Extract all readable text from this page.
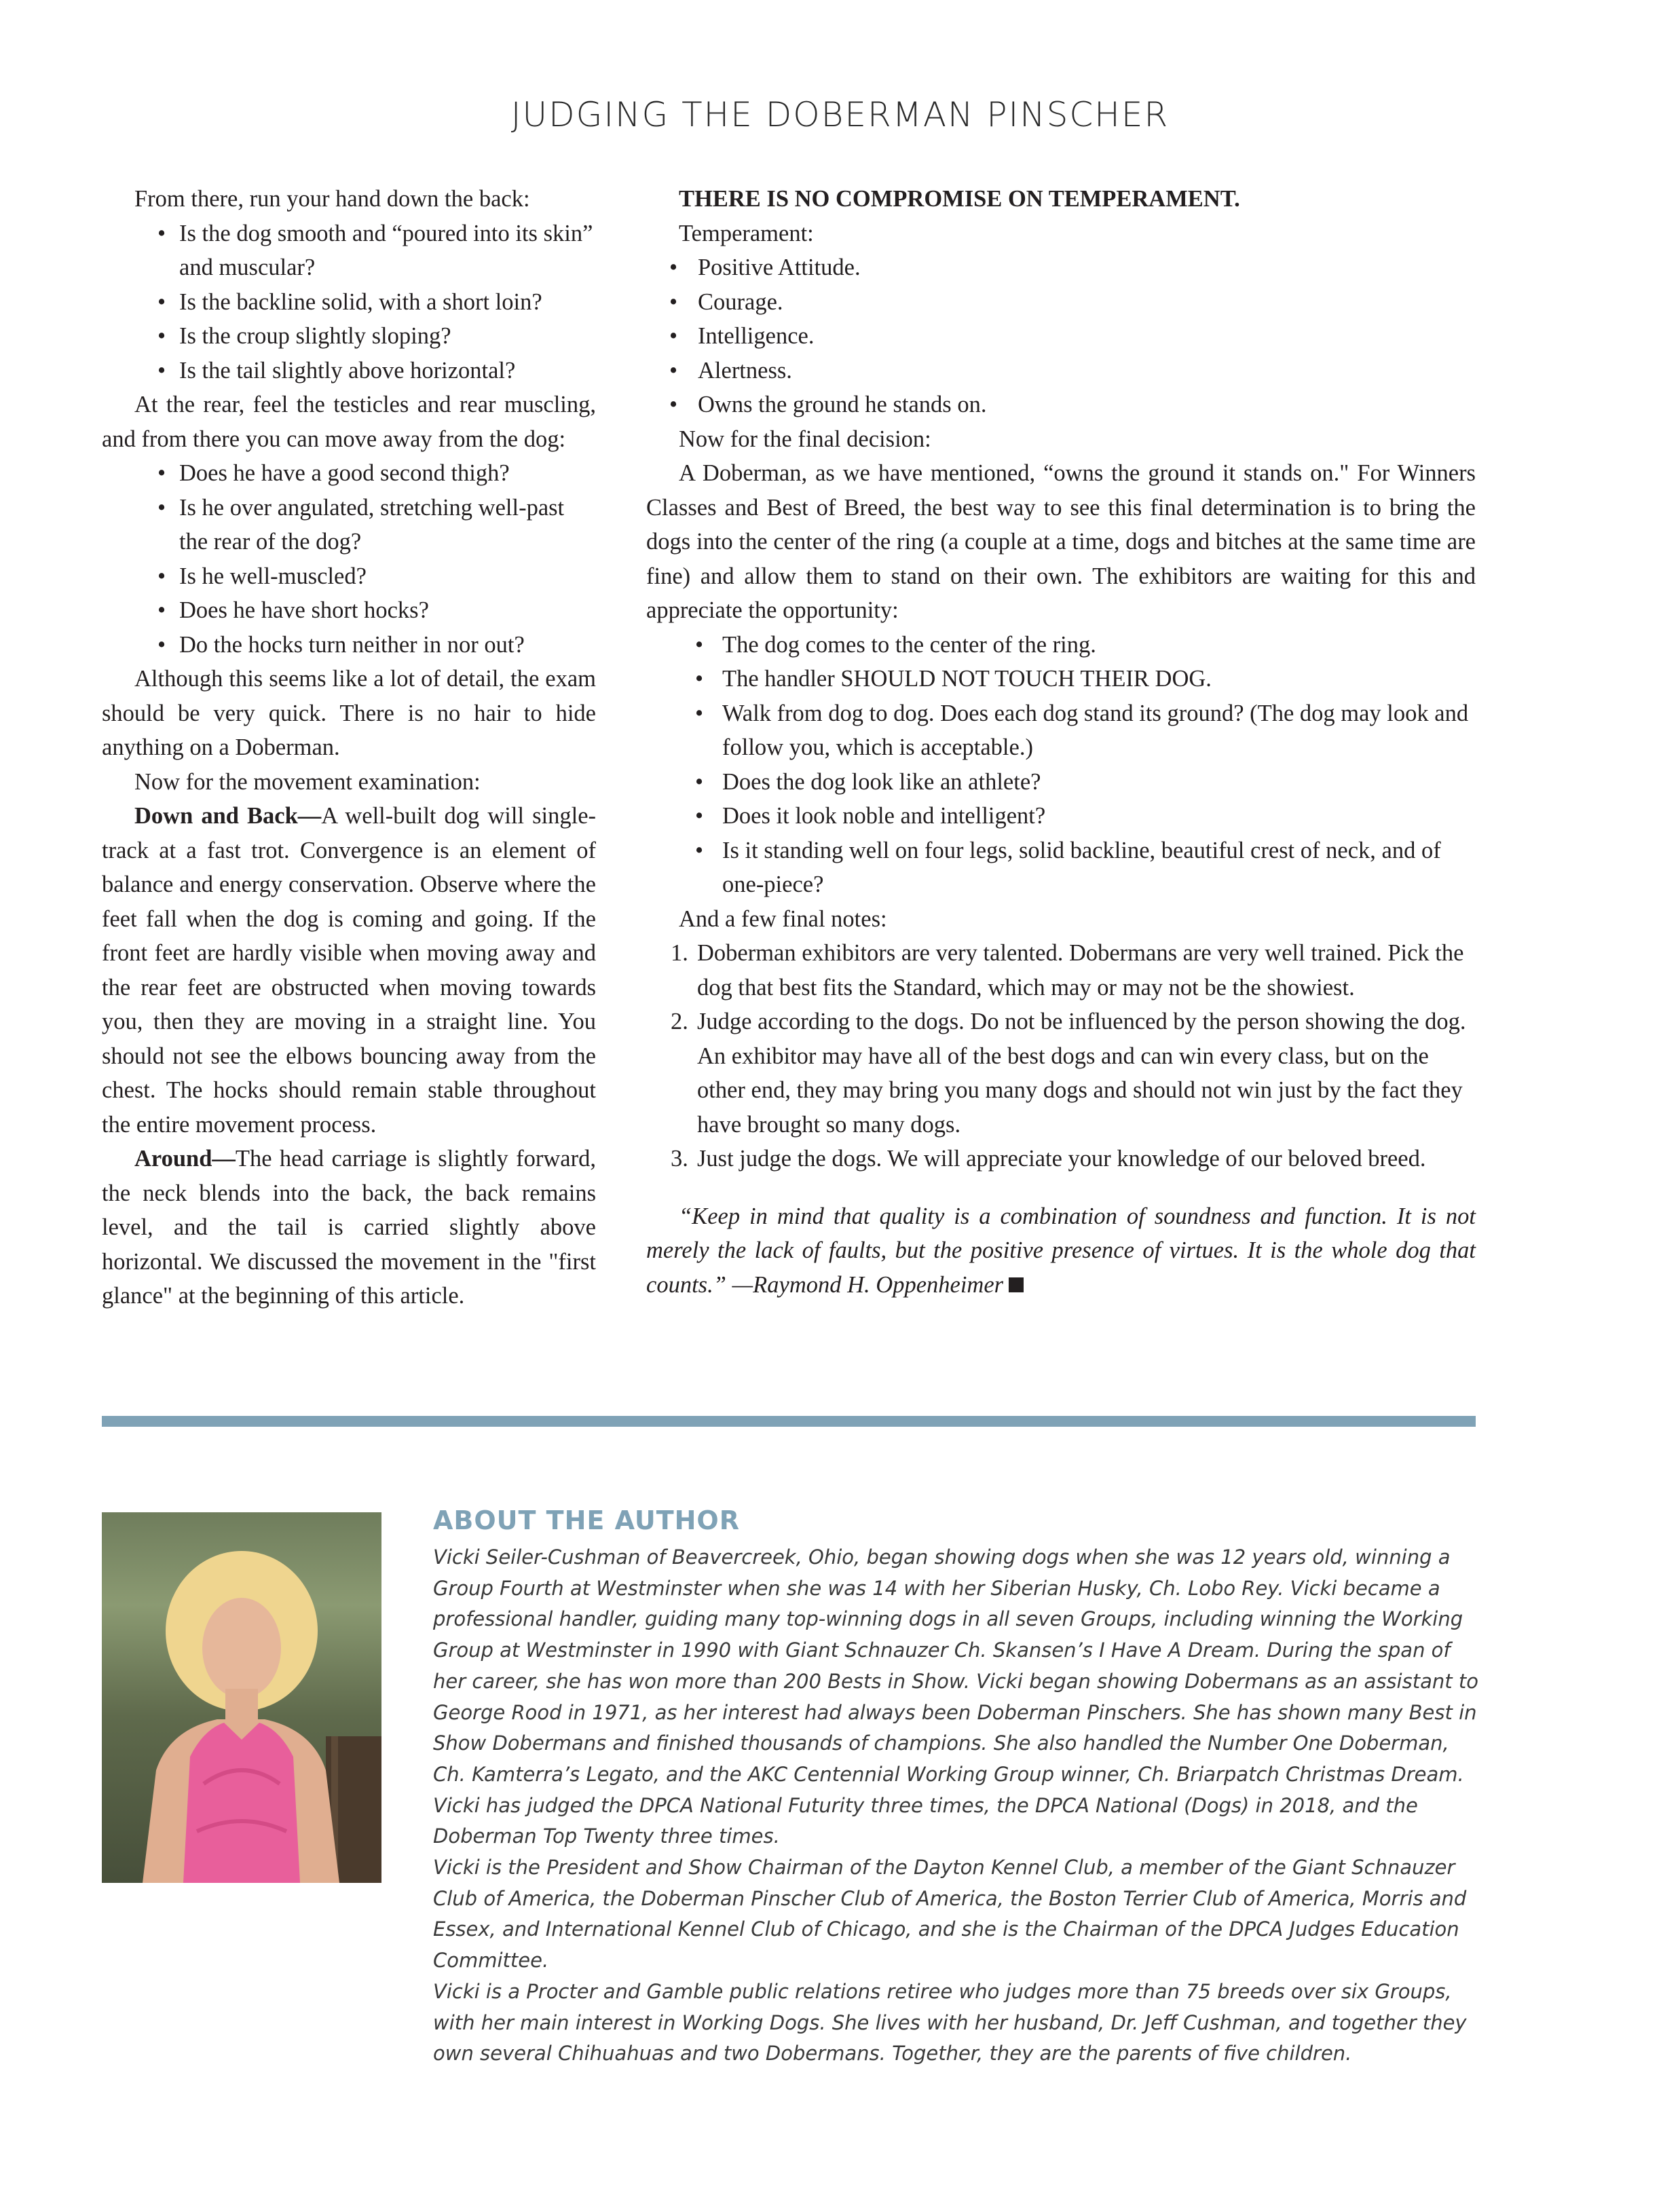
JUDGING THE DOBERMAN PINSCHER

From there, run your hand down the back:

• Is the dog smooth and “poured into its skin” and muscular?
• Is the backline solid, with a short loin?
• Is the croup slightly sloping?
• Is the tail slightly above horizontal?

At the rear, feel the testicles and rear muscling, and from there you can move away from the dog:

• Does he have a good second thigh?
• Is he over angulated, stretching well-past the rear of the dog?
• Is he well-muscled?
• Does he have short hocks?
• Do the hocks turn neither in nor out?

Although this seems like a lot of detail, the exam should be very quick. There is no hair to hide anything on a Doberman.

Now for the movement examination:

Down and Back—A well-built dog will single-track at a fast trot. Convergence is an element of balance and energy conservation. Observe where the feet fall when the dog is coming and going. If the front feet are hardly visible when moving away and the rear feet are obstructed when moving towards you, then they are moving in a straight line. You should not see the elbows bouncing away from the chest. The hocks should remain stable throughout the entire movement process.

Around—The head carriage is slightly forward, the neck blends into the back, the back remains level, and the tail is carried slightly above horizontal. We discussed the movement in the "first glance" at the beginning of this article.

THERE IS NO COMPROMISE ON TEMPERAMENT.

Temperament:

• Positive Attitude.
• Courage.
• Intelligence.
• Alertness.
• Owns the ground he stands on.

Now for the final decision:

A Doberman, as we have mentioned, “owns the ground it stands on." For Winners Classes and Best of Breed, the best way to see this final determination is to bring the dogs into the center of the ring (a couple at a time, dogs and bitches at the same time are fine) and allow them to stand on their own. The exhibitors are waiting for this and appreciate the opportunity:

• The dog comes to the center of the ring.
• The handler SHOULD NOT TOUCH THEIR DOG.
• Walk from dog to dog. Does each dog stand its ground? (The dog may look and follow you, which is acceptable.)
• Does the dog look like an athlete?
• Does it look noble and intelligent?
• Is it standing well on four legs, solid backline, beautiful crest of neck, and of one-piece?

And a few final notes:

1. Doberman exhibitors are very talented. Dobermans are very well trained. Pick the dog that best fits the Standard, which may or may not be the showiest.
2. Judge according to the dogs. Do not be influenced by the person showing the dog. An exhibitor may have all of the best dogs and can win every class, but on the other end, they may bring you many dogs and should not win just by the fact they have brought so many dogs.
3. Just judge the dogs. We will appreciate your knowledge of our beloved breed.

“Keep in mind that quality is a combination of soundness and function. It is not merely the lack of faults, but the positive presence of virtues. It is the whole dog that counts.” —Raymond H. Oppenheimer

ABOUT THE AUTHOR

Vicki Seiler-Cushman of Beavercreek, Ohio, began showing dogs when she was 12 years old, winning a Group Fourth at Westminster when she was 14 with her Siberian Husky, Ch. Lobo Rey. Vicki became a professional handler, guiding many top-winning dogs in all seven Groups, including winning the Working Group at Westminster in 1990 with Giant Schnauzer Ch. Skansen’s I Have A Dream. During the span of her career, she has won more than 200 Bests in Show. Vicki began showing Dobermans as an assistant to George Rood in 1971, as her interest had always been Doberman Pinschers. She has shown many Best in Show Dobermans and finished thousands of champions. She also handled the Number One Doberman, Ch. Kamterra’s Legato, and the AKC Centennial Working Group winner, Ch. Briarpatch Christmas Dream. Vicki has judged the DPCA National Futurity three times, the DPCA National (Dogs) in 2018, and the Doberman Top Twenty three times.

Vicki is the President and Show Chairman of the Dayton Kennel Club, a member of the Giant Schnauzer Club of America, the Doberman Pinscher Club of America, the Boston Terrier Club of America, Morris and Essex, and International Kennel Club of Chicago, and she is the Chairman of the DPCA Judges Education Committee.

Vicki is a Procter and Gamble public relations retiree who judges more than 75 breeds over six Groups, with her main interest in Working Dogs. She lives with her husband, Dr. Jeff Cushman, and together they own several Chihuahuas and two Dobermans. Together, they are the parents of five children.
